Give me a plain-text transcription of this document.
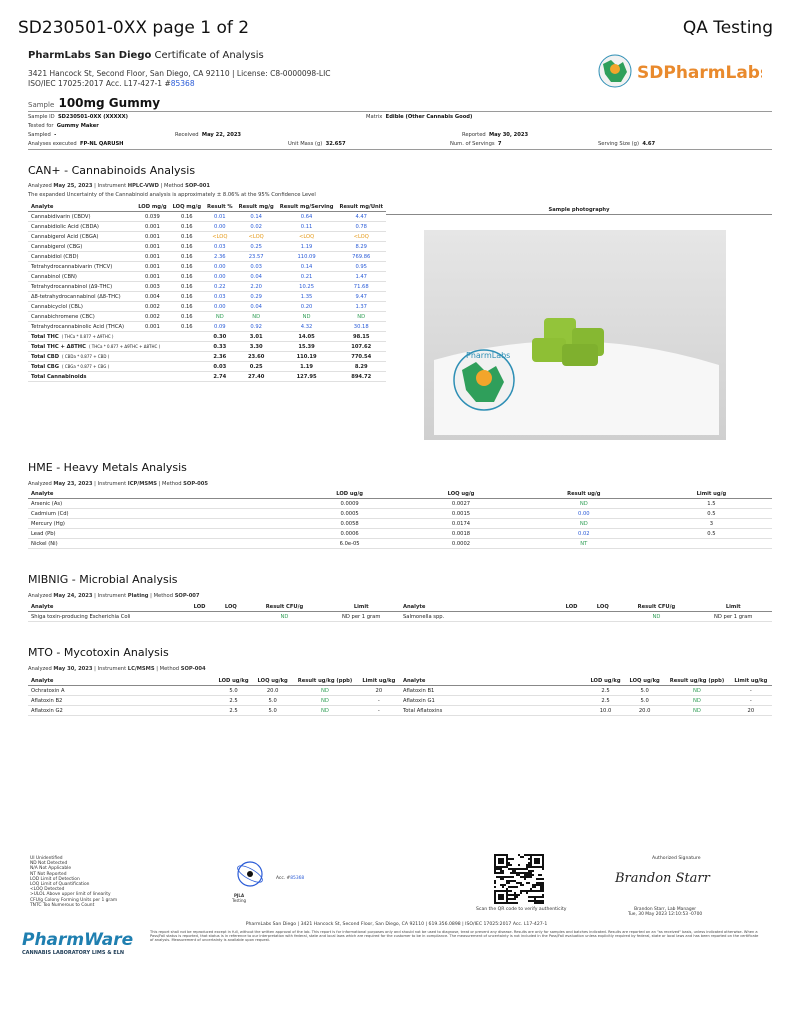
SD230501-0XX page 1 of 2	QA Testing
PharmLabs San Diego Certificate of Analysis
3421 Hancock St, Second Floor, San Diego, CA 92110 | License: C8-0000098-LIC
ISO/IEC 17025:2017 Acc. L17-427-1 #85368
SDPharmLabs
Sample 100mg Gummy
Sample ID SD230501-0XX (XXXXX)	Matrix Edible (Other Cannabis Good)
Tested for Gummy Maker
Sampled -	Received May 22, 2023	Reported May 30, 2023
Analyses executed FP-NL QARUSH	Unit Mass (g) 32.657	Num. of Servings 7	Serving Size (g) 4.67
CAN+ - Cannabinoids Analysis
Analyzed May 25, 2023 | Instrument HPLC-VWD | Method SOP-001
The expanded Uncertainty of the Cannabinoid analysis is approximately ± 8.06% at the 95% Confidence Level
Analyte	LOD mg/g	LOQ mg/g	Result %	Result mg/g	Result mg/Serving	Result mg/Unit
Cannabidivarin (CBDV)	0.039	0.16	0.01	0.14	0.64	4.47
Cannabidiolic Acid (CBDA)	0.001	0.16	0.00	0.02	0.11	0.78
Cannabigerol Acid (CBGA)	0.001	0.16	<LOQ	<LOQ	<LOQ	<LOQ
Cannabigerol (CBG)	0.001	0.16	0.03	0.25	1.19	8.29
Cannabidiol (CBD)	0.001	0.16	2.36	23.57	110.09	769.86
Tetrahydrocannabivarin (THCV)	0.001	0.16	0.00	0.03	0.14	0.95
Cannabinol (CBN)	0.001	0.16	0.00	0.04	0.21	1.47
Tetrahydrocannabinol (Δ9-THC)	0.003	0.16	0.22	2.20	10.25	71.68
Δ8-tetrahydrocannabinol (Δ8-THC)	0.004	0.16	0.03	0.29	1.35	9.47
Cannabicyclol (CBL)	0.002	0.16	0.00	0.04	0.20	1.37
Cannabichromene (CBC)	0.002	0.16	ND	ND	ND	ND
Tetrahydrocannabinolic Acid (THCA)	0.001	0.16	0.09	0.92	4.32	30.18
Total THC ( THCa * 0.877 + Δ9THC )			0.30	3.01	14.05	98.15
Total THC + Δ8THC ( THCa * 0.877 + Δ9THC + Δ8THC )			0.33	3.30	15.39	107.62
Total CBD ( CBDa * 0.877 + CBD )			2.36	23.60	110.19	770.54
Total CBG ( CBGa * 0.877 + CBG )			0.03	0.25	1.19	8.29
Total Cannabinoids			2.74	27.40	127.95	894.72
Sample photography
PharmLabs
HME - Heavy Metals Analysis
Analyzed May 23, 2023 | Instrument ICP/MSMS | Method SOP-005
Analyte	LOD ug/g	LOQ ug/g	Result ug/g	Limit ug/g
Arsenic (As)	0.0009	0.0027	ND	1.5
Cadmium (Cd)	0.0005	0.0015	0.00	0.5
Mercury (Hg)	0.0058	0.0174	ND	3
Lead (Pb)	0.0006	0.0018	0.02	0.5
Nickel (Ni)	6.0e-05	0.0002	NT	
MIBNIG - Microbial Analysis
Analyzed May 24, 2023 | Instrument Plating | Method SOP-007
Analyte	LOD	LOQ	Result CFU/g	Limit	Analyte	LOD	LOQ	Result CFU/g	Limit
Shiga toxin-producing Escherichia Coli			ND	ND per 1 gram	Salmonella spp.			ND	ND per 1 gram
MTO - Mycotoxin Analysis
Analyzed May 30, 2023 | Instrument LC/MSMS | Method SOP-004
Analyte	LOD ug/kg	LOQ ug/kg	Result ug/kg (ppb)	Limit ug/kg	Analyte	LOD ug/kg	LOQ ug/kg	Result ug/kg (ppb)	Limit ug/kg
Ochratoxin A	5.0	20.0	ND	20	Aflatoxin B1	2.5	5.0	ND	-
Aflatoxin B2	2.5	5.0	ND	-	Aflatoxin G1	2.5	5.0	ND	-
Aflatoxin G2	2.5	5.0	ND	-	Total Aflatoxins	10.0	20.0	ND	20
UI Unidentified
ND Not Detected
N/A Not Applicable
NT Not Reported
LOD Limit of Detection
LOQ Limit of Quantification
<LOQ Detected
>ULOL Above upper limit of linearity
CFU/g Colony Forming Units per 1 gram
TNTC Too Numerous to Count
Acc. #85368
PJLA
Testing
Scan the QR code to verify authenticity
Authorized Signature
Brandon Starr
Brandon Starr, Lab Manager
Tue, 30 May 2023 12:10:53 -0700
PharmLabs San Diego | 3421 Hancock St, Second Floor, San Diego, CA 92110 | 619.356.0898 | ISO/IEC 17025:2017 Acc. L17-427-1
This report shall not be reproduced except in full, without the written approval of the lab. This report is for informational purposes only and should not be used to diagnose, treat or prevent any disease. Results are only for samples and batches indicated. Results are reported on an "as received" basis, unless indicated otherwise. When a Pass/Fail status is reported, that status is in reference to our interpretation with federal, state and local laws which are required for the customer to be in compliance. The measurement of uncertainty is not included in the Pass/Fail evaluation unless explicitly required by federal, state or local laws and has been reported on the certificate of analysis. Measurement of uncertainty is available upon request.
PharmWare
CANNABIS LABORATORY LIMS & ELN
